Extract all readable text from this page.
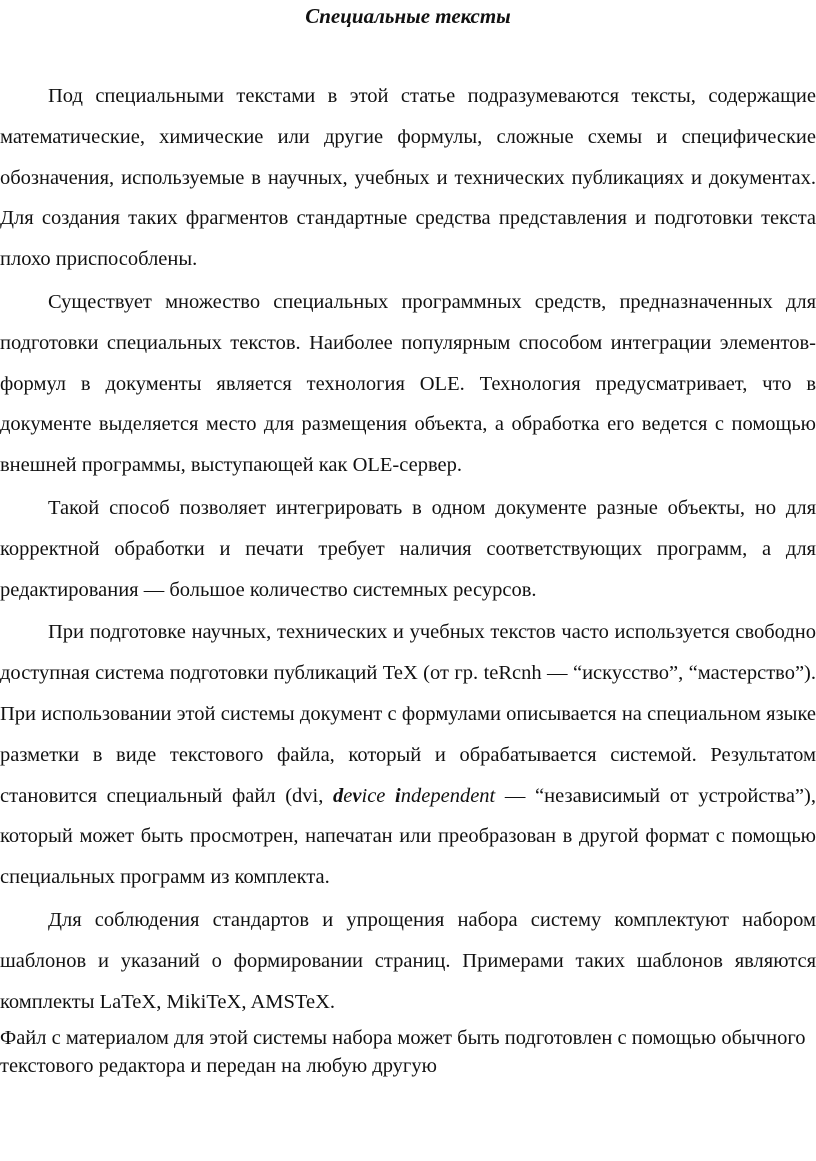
Специальные тексты

Под специальными текстами в этой статье подразумеваются тексты, содержащие математические, химические или другие формулы, сложные схемы и специфические обозначения, используемые в научных, учебных и технических публикациях и документах. Для создания таких фрагментов стандартные средства представления и подготовки текста плохо приспособлены.

Существует множество специальных программных средств, предназначенных для подготовки специальных текстов. Наиболее популярным способом интеграции элементов-формул в документы является технология OLE. Технология предусматривает, что в документе выделяется место для размещения объекта, а обработка его ведется с помощью внешней программы, выступающей как OLE-сервер.

Такой способ позволяет интегрировать в одном документе разные объекты, но для корректной обработки и печати требует наличия соответствующих программ, а для редактирования — большое количество системных ресурсов.

При подготовке научных, технических и учебных текстов часто используется свободно доступная система подготовки публикаций TeX (от гр. teRcnh — “искусство”, “мастерство”). При использовании этой системы документ с формулами описывается на специальном языке разметки в виде текстового файла, который и обрабатывается системой. Результатом становится специальный файл (dvi, device independent — “независимый от устройства”), который может быть просмотрен, напечатан или преобразован в другой формат с помощью специальных программ из комплекта.

Для соблюдения стандартов и упрощения набора систему комплектуют набором шаблонов и указаний о формировании страниц. Примерами таких шаблонов являются комплекты LaTeX, MikiTeX, AMSTeX.

Файл с материалом для этой системы набора может быть подготовлен с помощью обычного текстового редактора и передан на любую другую
